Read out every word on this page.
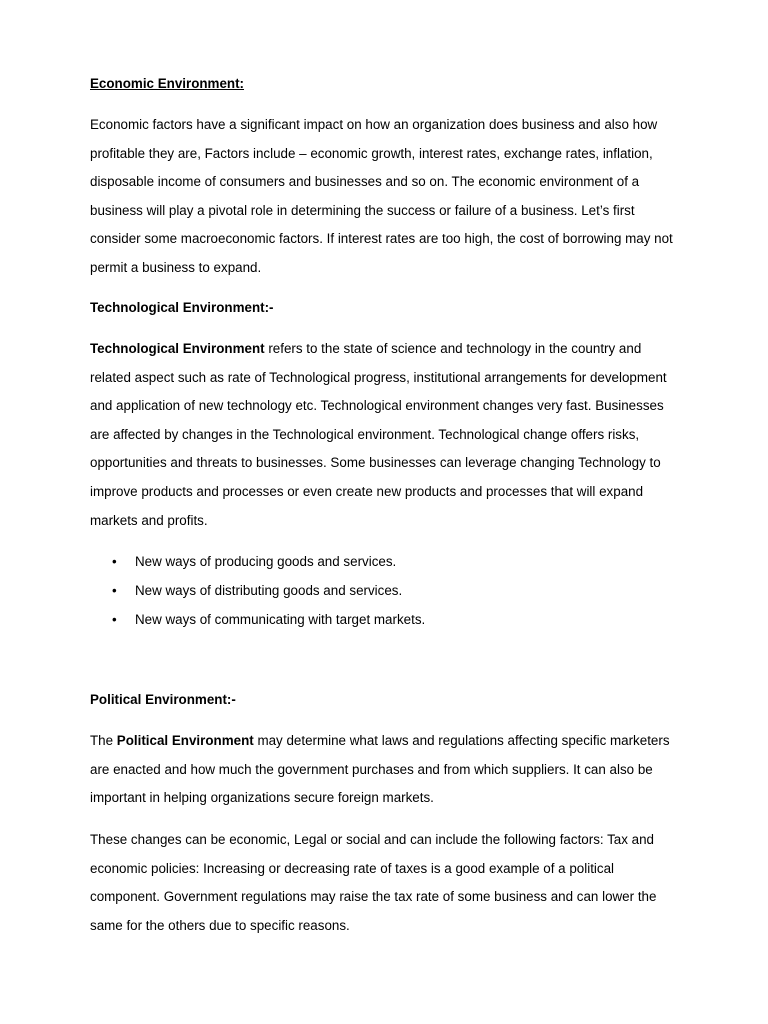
Economic Environment:

Economic factors have a significant impact on how an organization does business and also how profitable they are, Factors include – economic growth, interest rates, exchange rates, inflation, disposable income of consumers and businesses and so on. The economic environment of a business will play a pivotal role in determining the success or failure of a business. Let’s first consider some macroeconomic factors. If interest rates are too high, the cost of borrowing may not permit a business to expand.

Technological Environment:-

Technological Environment refers to the state of science and technology in the country and related aspect such as rate of Technological progress, institutional arrangements for development and application of new technology etc. Technological environment changes very fast. Businesses are affected by changes in the Technological environment. Technological change offers risks, opportunities and threats to businesses. Some businesses can leverage changing Technology to improve products and processes or even create new products and processes that will expand markets and profits.

• New ways of producing goods and services.
• New ways of distributing goods and services.
• New ways of communicating with target markets.

Political Environment:-

The Political Environment may determine what laws and regulations affecting specific marketers are enacted and how much the government purchases and from which suppliers. It can also be important in helping organizations secure foreign markets.

These changes can be economic, Legal or social and can include the following factors: Tax and economic policies: Increasing or decreasing rate of taxes is a good example of a political component. Government regulations may raise the tax rate of some business and can lower the same for the others due to specific reasons.
